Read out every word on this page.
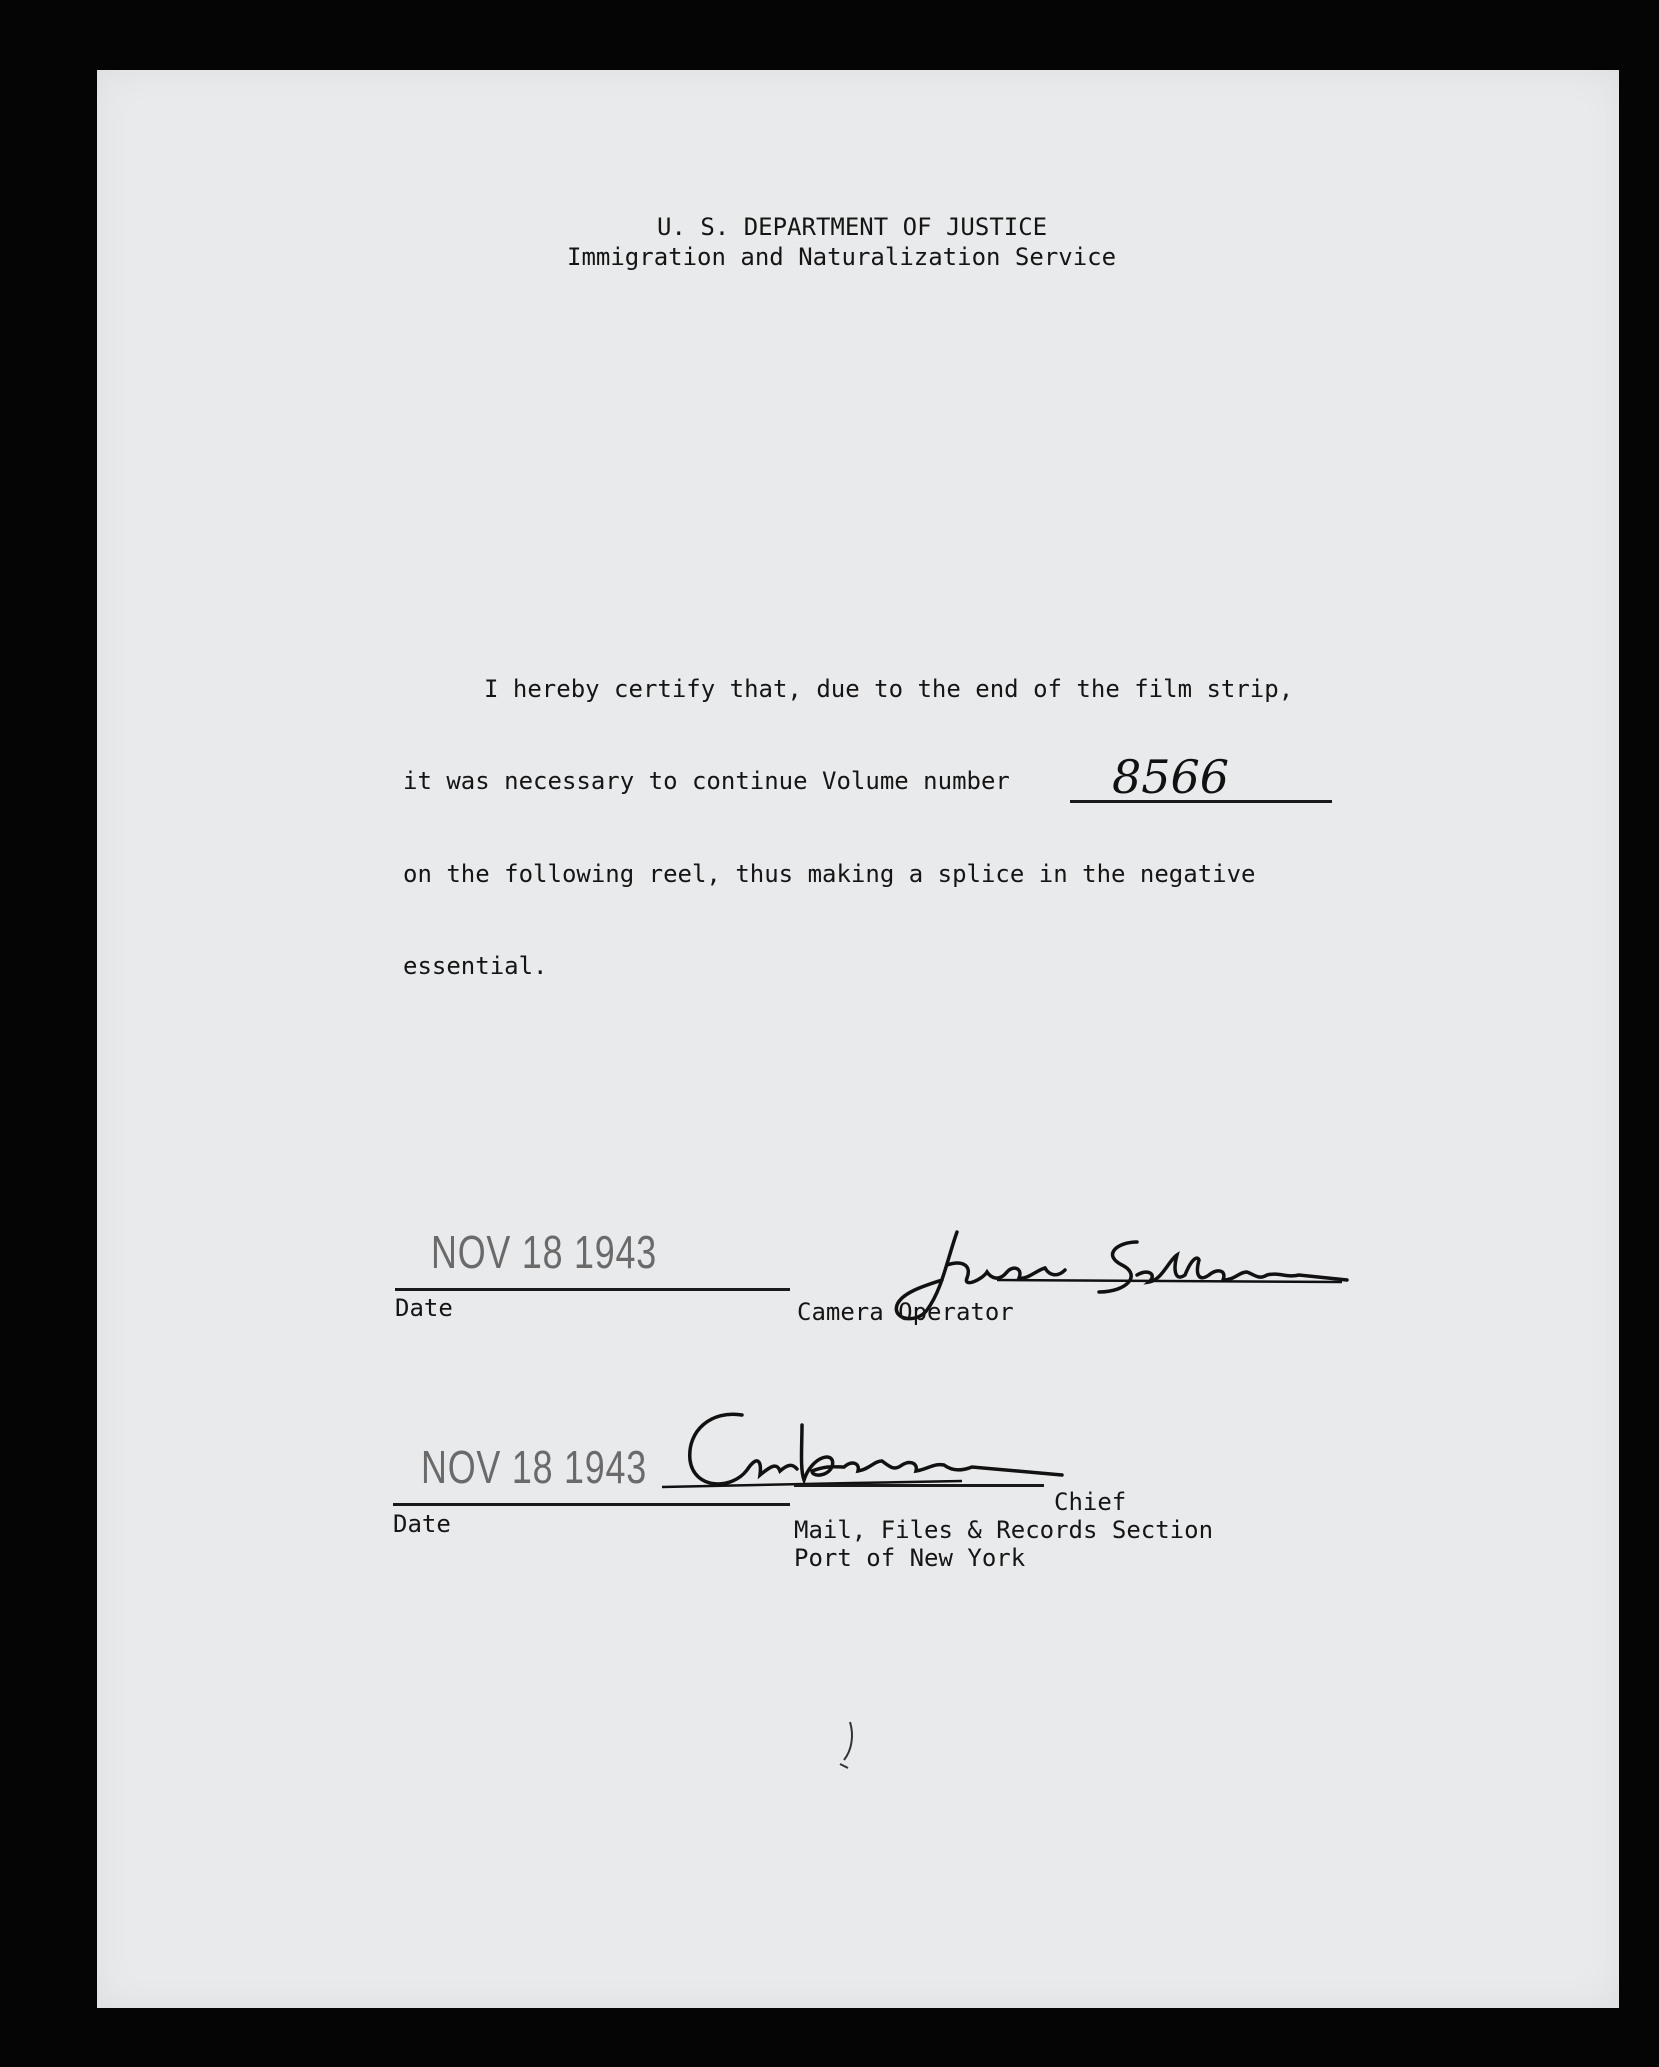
U. S. DEPARTMENT OF JUSTICE
Immigration and Naturalization Service
I hereby certify that, due to the end of the film strip,
it was necessary to continue Volume number 8566
on the following reel, thus making a splice in the negative
essential.
NOV 18 1943
Date	Camera Operator
NOV 18 1943
Date
Chief
Mail, Files & Records Section
Port of New York
